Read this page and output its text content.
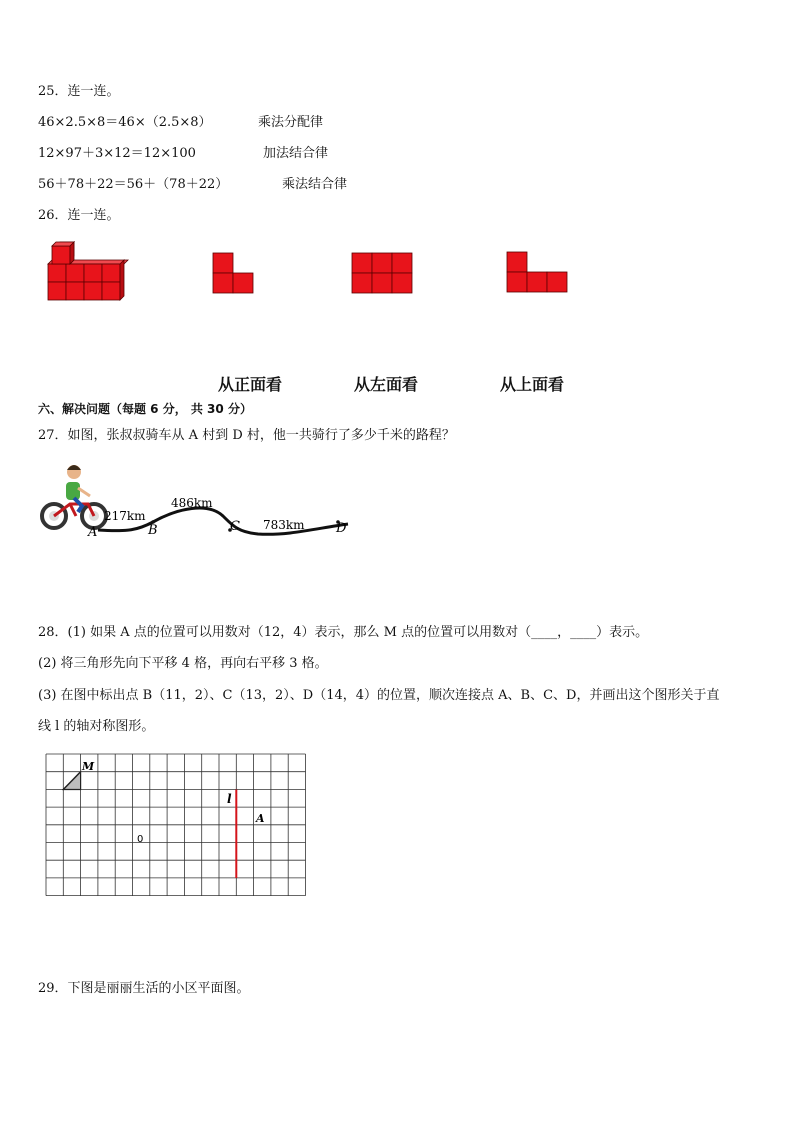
25．连一连。
46×2.5×8＝46×（2.5×8）	乘法分配律
12×97＋3×12＝12×100	加法结合律
56＋78＋22＝56＋（78＋22）	乘法结合律
26．连一连。
从正面看	从左面看	从上面看
六、解决问题（每题 6 分， 共 30 分）
27．如图，张叔叔骑车从 A 村到 D 村，他一共骑行了多少千米的路程？
A	B	C	D
217km
486km
783km
28．(1) 如果 A 点的位置可以用数对（12，4）表示，那么 M 点的位置可以用数对（____，____）表示。
(2) 将三角形先向下平移 4 格，再向右平移 3 格。
(3) 在图中标出点 B（11，2）、C（13，2）、D（14，4）的位置，顺次连接点 A、B、C、D，并画出这个图形关于直
线 l 的轴对称图形。
M
l
A
0
29．下图是丽丽生活的小区平面图。
